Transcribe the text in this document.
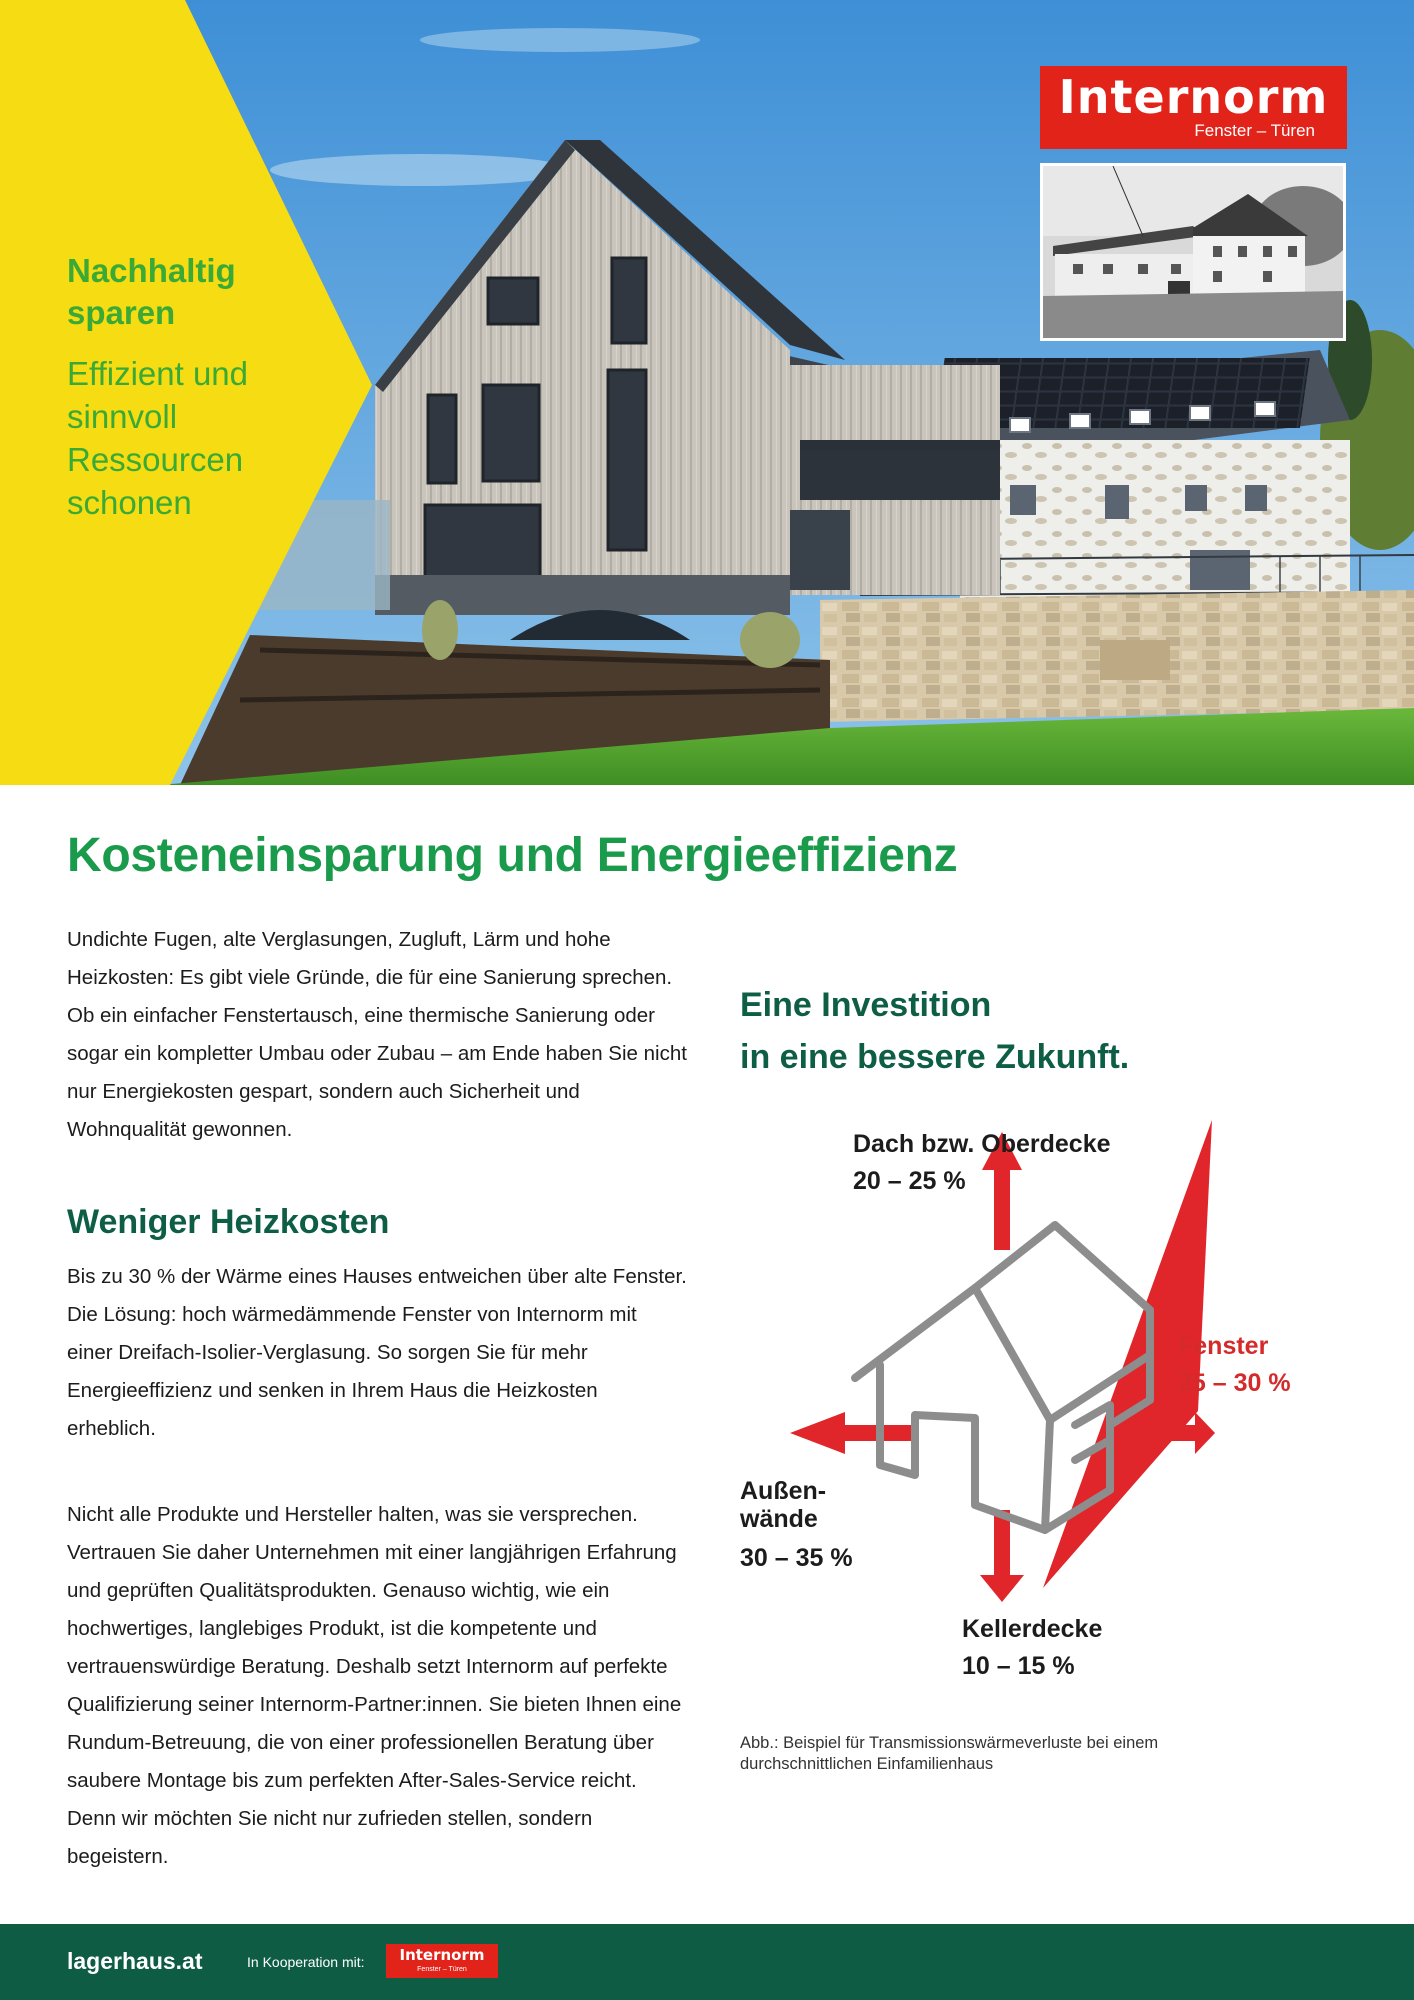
Nachhaltig sparen
Effizient und sinnvoll Ressourcen schonen
Internorm
Fenster – Türen
Kosteneinsparung und Energieeffizienz

Undichte Fugen, alte Verglasungen, Zugluft, Lärm und hohe Heizkosten: Es gibt viele Gründe, die für eine Sanierung sprechen. Ob ein einfacher Fenstertausch, eine thermische Sanierung oder sogar ein kompletter Umbau oder Zubau – am Ende haben Sie nicht nur Energiekosten gespart, sondern auch Sicherheit und Wohnqualität gewonnen.

Weniger Heizkosten

Bis zu 30 % der Wärme eines Hauses entweichen über alte Fenster. Die Lösung: hoch wärmedämmende Fenster von Internorm mit einer Dreifach-Isolier-Verglasung. So sorgen Sie für mehr Energieeffizienz und senken in Ihrem Haus die Heizkosten erheblich.

Nicht alle Produkte und Hersteller halten, was sie versprechen. Vertrauen Sie daher Unternehmen mit einer langjährigen Erfahrung und geprüften Qualitätsprodukten. Genauso wichtig, wie ein hochwertiges, langlebiges Produkt, ist die kompetente und vertrauenswürdige Beratung. Deshalb setzt Internorm auf perfekte Qualifizierung seiner Internorm-Partner:innen. Sie bieten Ihnen eine Rundum-Betreuung, die von einer professionellen Beratung über saubere Montage bis zum perfekten After-Sales-Service reicht. Denn wir möchten Sie nicht nur zufrieden stellen, sondern begeistern.

Eine Investition
in eine bessere Zukunft.
Dach bzw. Oberdecke
20 – 25 %
Fenster
25 – 30 %
Außen-
wände
30 – 35 %
Kellerdecke
10 – 15 %

Abb.: Beispiel für Transmissionswärmeverluste bei einem durchschnittlichen Einfamilienhaus

lagerhaus.at	In Kooperation mit:	Internorm
Fenster – Türen
